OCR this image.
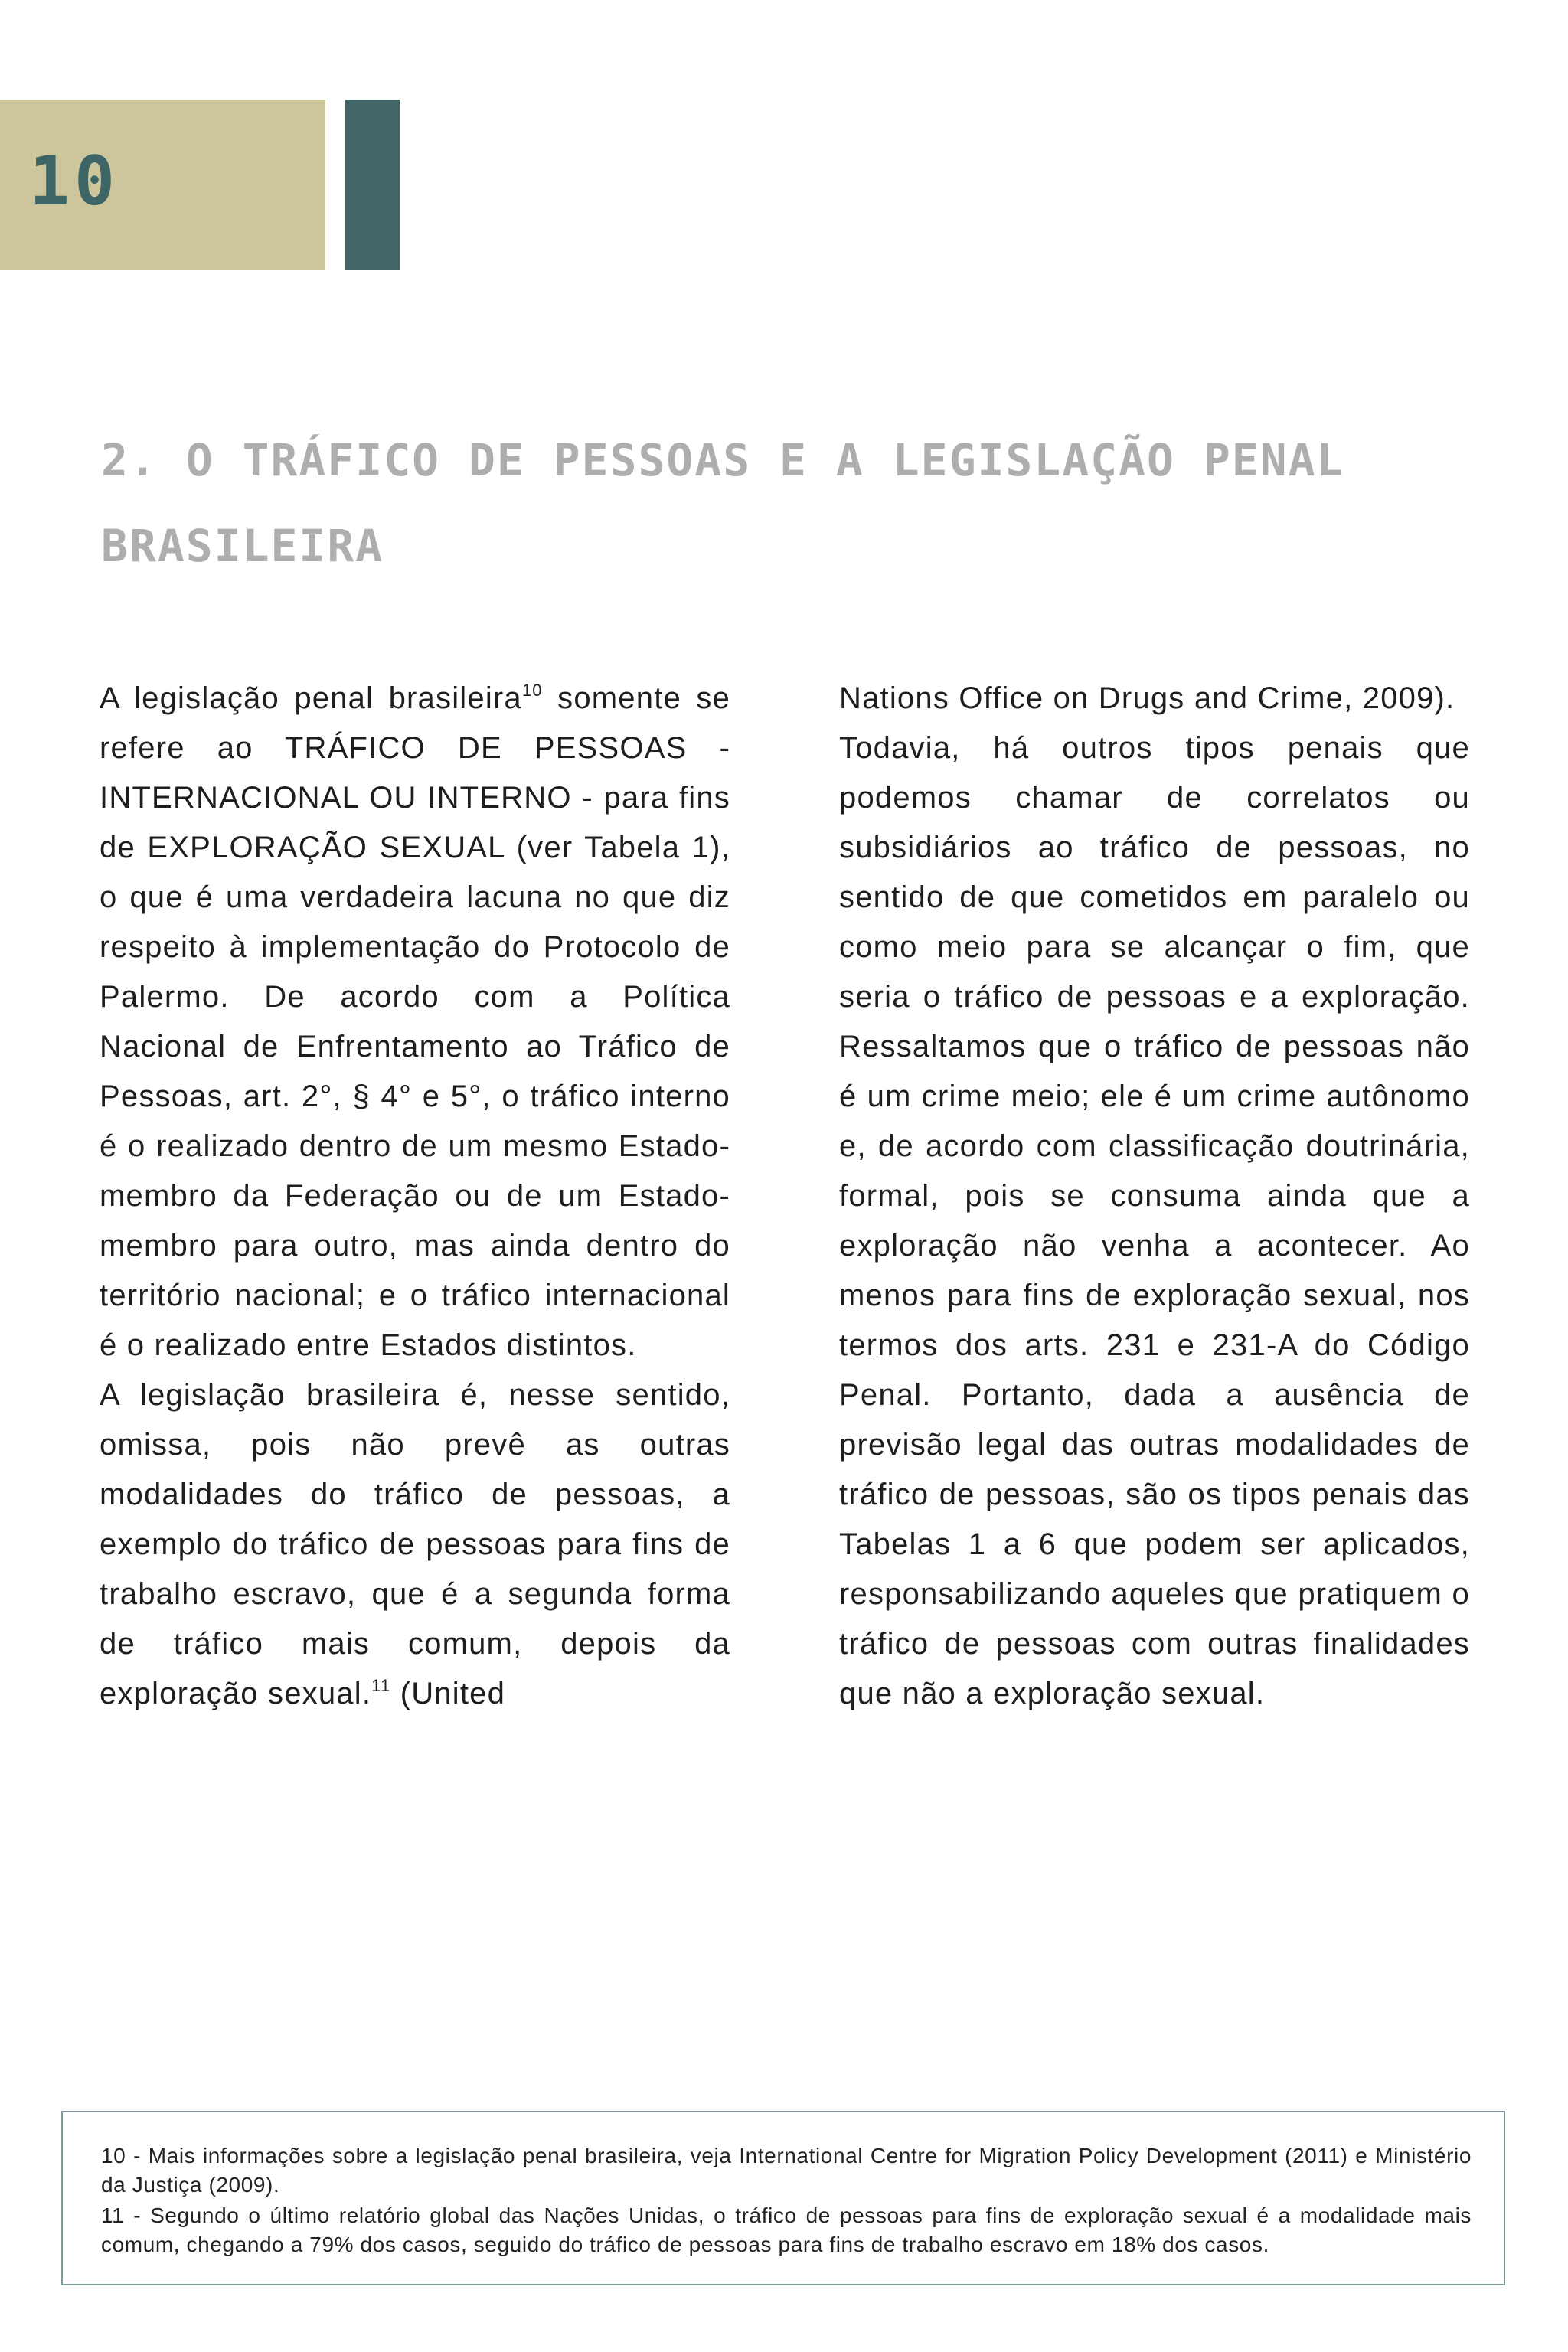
10
2. O TRÁFICO DE PESSOAS E A LEGISLAÇÃO PENAL BRASILEIRA

A legislação penal brasileira$^{10}$ somente se refere ao TRÁFICO DE PESSOAS - INTERNACIONAL OU INTERNO - para fins de EXPLORAÇÃO SEXUAL (ver Tabela 1), o que é uma verdadeira lacuna no que diz respeito à implementação do Protocolo de Palermo. De acordo com a Política Nacional de Enfrentamento ao Tráfico de Pessoas, art. 2°, § 4° e 5°, o tráfico interno é o realizado dentro de um mesmo Estado-membro da Federação ou de um Estado-membro para outro, mas ainda dentro do território nacional; e o tráfico internacional é o realizado entre Estados distintos.

A legislação brasileira é, nesse sentido, omissa, pois não prevê as outras modalidades do tráfico de pessoas, a exemplo do tráfico de pessoas para fins de trabalho escravo, que é a segunda forma de tráfico mais comum, depois da exploração sexual.$^{11}$ (United

Nations Office on Drugs and Crime, 2009).

Todavia, há outros tipos penais que podemos chamar de correlatos ou subsidiários ao tráfico de pessoas, no sentido de que cometidos em paralelo ou como meio para se alcançar o fim, que seria o tráfico de pessoas e a exploração. Ressaltamos que o tráfico de pessoas não é um crime meio; ele é um crime autônomo e, de acordo com classificação doutrinária, formal, pois se consuma ainda que a exploração não venha a acontecer. Ao menos para fins de exploração sexual, nos termos dos arts. 231 e 231-A do Código Penal. Portanto, dada a ausência de previsão legal das outras modalidades de tráfico de pessoas, são os tipos penais das Tabelas 1 a 6 que podem ser aplicados, responsabilizando aqueles que pratiquem o tráfico de pessoas com outras finalidades que não a exploração sexual.

10 - Mais informações sobre a legislação penal brasileira, veja International Centre for Migration Policy Development (2011) e Ministério da Justiça (2009).

11 - Segundo o último relatório global das Nações Unidas, o tráfico de pessoas para fins de exploração sexual é a modalidade mais comum, chegando a 79% dos casos, seguido do tráfico de pessoas para fins de trabalho escravo em 18% dos casos.
